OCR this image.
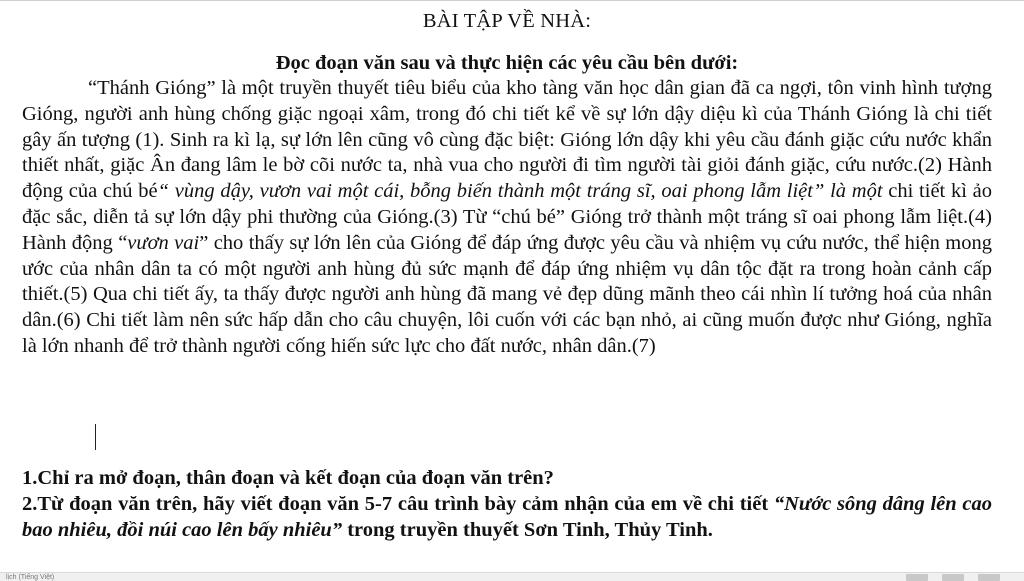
BÀI TẬP VỀ NHÀ:

Đọc đoạn văn sau và thực hiện các yêu cầu bên dưới:

“Thánh Gióng” là một truyền thuyết tiêu biểu của kho tàng văn học dân gian đã ca ngợi, tôn vinh hình tượng Gióng, người anh hùng chống giặc ngoại xâm, trong đó chi tiết kể về sự lớn dậy diệu kì của Thánh Gióng là chi tiết gây ấn tượng (1). Sinh ra kì lạ, sự lớn lên cũng vô cùng đặc biệt: Gióng lớn dậy khi yêu cầu đánh giặc cứu nước khẩn thiết nhất, giặc Ân đang lâm le bờ cõi nước ta, nhà vua cho người đi tìm người tài giỏi đánh giặc, cứu nước.(2) Hành động của chú bé“ vùng dậy, vươn vai một cái, bỗng biến thành một tráng sĩ, oai phong lẫm liệt” là một chi tiết kì ảo đặc sắc, diễn tả sự lớn dậy phi thường của Gióng.(3) Từ “chú bé” Gióng trở thành một tráng sĩ oai phong lẫm liệt.(4) Hành động “vươn vai” cho thấy sự lớn lên của Gióng để đáp ứng được yêu cầu và nhiệm vụ cứu nước, thể hiện mong ước của nhân dân ta có một người anh hùng đủ sức mạnh để đáp ứng nhiệm vụ dân tộc đặt ra trong hoàn cảnh cấp thiết.(5) Qua chi tiết ấy, ta thấy được người anh hùng đã mang vẻ đẹp dũng mãnh theo cái nhìn lí tưởng hoá của nhân dân.(6) Chi tiết làm nên sức hấp dẫn cho câu chuyện, lôi cuốn với các bạn nhỏ, ai cũng muốn được như Gióng, nghĩa là lớn nhanh để trở thành người cống hiến sức lực cho đất nước, nhân dân.(7)

1.Chỉ ra mở đoạn, thân đoạn và kết đoạn của đoạn văn trên?

2.Từ đoạn văn trên, hãy viết đoạn văn 5-7 câu trình bày cảm nhận của em về chi tiết “Nước sông dâng lên cao bao nhiêu, đồi núi cao lên bấy nhiêu” trong truyền thuyết Sơn Tinh, Thủy Tinh.

lịch (Tiếng Việt)
